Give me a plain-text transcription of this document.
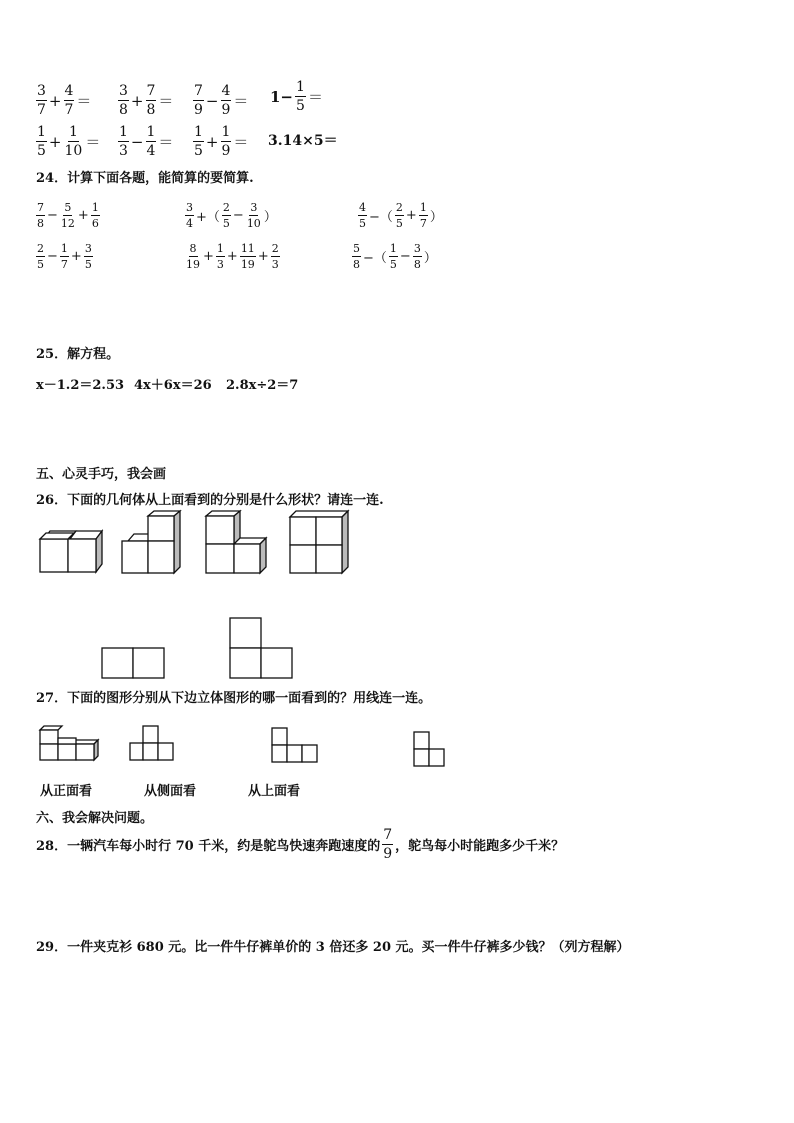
$\frac{3}{7} + \frac{4}{7} = \frac{3}{8} + \frac{7}{8} = \frac{7}{9} - \frac{4}{9} = 1- \frac{1}{5}$ ＝
$\frac{1}{5} + \frac{1}{10} = \frac{1}{3} - \frac{1}{4} = \frac{1}{5} + \frac{1}{9} = 3.14\times 5=$
24．计算下面各题，能简算的要简算.
$\frac{7}{8} - \frac{5}{12} + \frac{1}{6}$	$\frac{3}{4}$ +（ $\frac{2}{5} - \frac{3}{10}$ ）	$\frac{4}{5}$ −（ $\frac{2}{5} + \frac{1}{7}$ ）
$\frac{2}{5} - \frac{1}{7} + \frac{3}{5}$	$\frac{8}{19} + \frac{1}{3} + \frac{11}{19} + \frac{2}{3}$	$\frac{5}{8}$ −（ $\frac{1}{5} - \frac{3}{8}$ ）
25．解方程。
x－1.2＝2.53 4x＋6x＝26 2.8x÷2＝7
五、心灵手巧，我会画
26．下面的几何体从上面看到的分别是什么形状？请连一连.
27．下面的图形分别从下边立体图形的哪一面看到的？用线连一连。
从正面看	从侧面看	从上面看
六、我会解决问题。
28．一辆汽车每小时行 70 千米，约是鸵鸟快速奔跑速度的 $\frac{7}{9}$ ，鸵鸟每小时能跑多少千米？
29．一件夹克衫 680 元。比一件牛仔裤单价的 3 倍还多 20 元。买一件牛仔裤多少钱？（列方程解）
